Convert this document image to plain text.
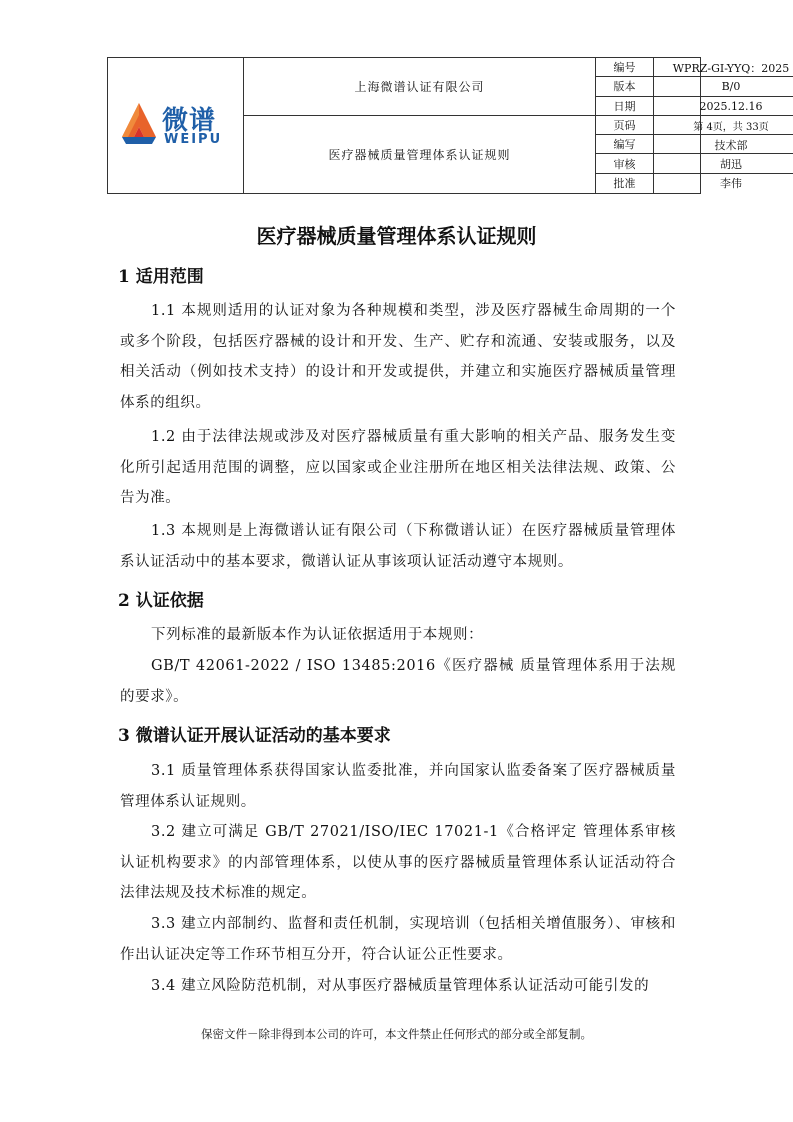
微谱
WEIPU
上海微谱认证有限公司
医疗器械质量管理体系认证规则
编号	WPRZ-GI-YYQ：2025
版本	B/0
日期	2025.12.16
页码	第 4页，共 33页
编写	技术部
审核	胡迅
批准	李伟
医疗器械质量管理体系认证规则
1 适用范围
1.1 本规则适用的认证对象为各种规模和类型，涉及医疗器械生命周期的一个或多个阶段，包括医疗器械的设计和开发、生产、贮存和流通、安装或服务，以及相关活动（例如技术支持）的设计和开发或提供，并建立和实施医疗器械质量管理体系的组织。
1.2 由于法律法规或涉及对医疗器械质量有重大影响的相关产品、服务发生变化所引起适用范围的调整，应以国家或企业注册所在地区相关法律法规、政策、公告为准。
1.3 本规则是上海微谱认证有限公司（下称微谱认证）在医疗器械质量管理体系认证活动中的基本要求，微谱认证从事该项认证活动遵守本规则。
2 认证依据
下列标准的最新版本作为认证依据适用于本规则：
GB/T 42061-2022 / ISO 13485:2016《医疗器械 质量管理体系用于法规的要求》。
3 微谱认证开展认证活动的基本要求
3.1 质量管理体系获得国家认监委批准，并向国家认监委备案了医疗器械质量管理体系认证规则。
3.2 建立可满足 GB/T 27021/ISO/IEC 17021-1《合格评定 管理体系审核认证机构要求》的内部管理体系，以使从事的医疗器械质量管理体系认证活动符合法律法规及技术标准的规定。
3.3 建立内部制约、监督和责任机制，实现培训（包括相关增值服务）、审核和作出认证决定等工作环节相互分开，符合认证公正性要求。
3.4 建立风险防范机制，对从事医疗器械质量管理体系认证活动可能引发的
保密文件－除非得到本公司的许可，本文件禁止任何形式的部分或全部复制。
